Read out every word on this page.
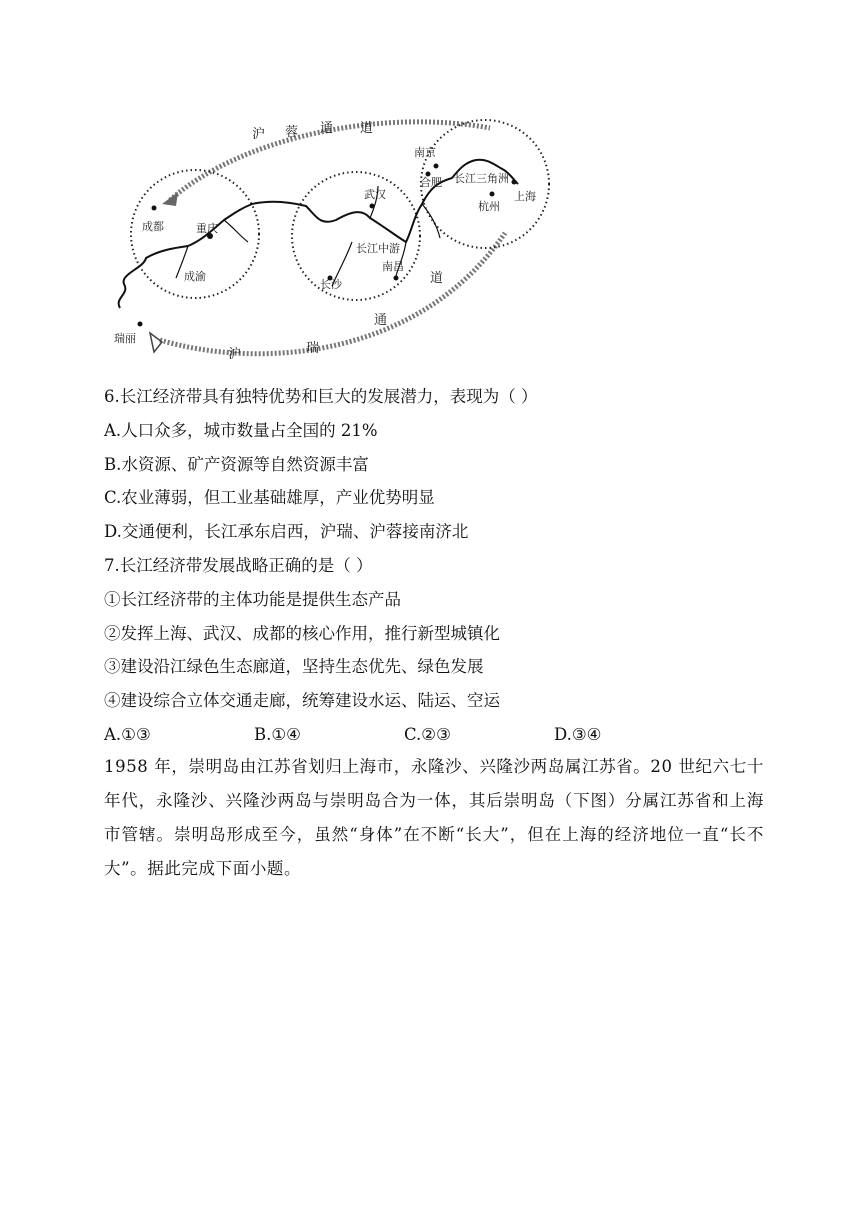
沪 蓉 通 道
沪	瑞
通
道
成都	重庆
成渝
武汉
长江中游
南昌
长沙
南京
合肥 长江三角洲
上海
杭州
瑞丽
6.长江经济带具有独特优势和巨大的发展潜力，表现为（ ）
A.人口众多，城市数量占全国的 21%
B.水资源、矿产资源等自然资源丰富
C.农业薄弱，但工业基础雄厚，产业优势明显
D.交通便利，长江承东启西，沪瑞、沪蓉接南济北
7.长江经济带发展战略正确的是（ ）
①长江经济带的主体功能是提供生态产品
②发挥上海、武汉、成都的核心作用，推行新型城镇化
③建设沿江绿色生态廊道，坚持生态优先、绿色发展
④建设综合立体交通走廊，统筹建设水运、陆运、空运
A.①③	B.①④	C.②③	D.③④
1958 年，崇明岛由江苏省划归上海市，永隆沙、兴隆沙两岛属江苏省。20 世纪六七十年代，永隆沙、兴隆沙两岛与崇明岛合为一体，其后崇明岛（下图）分属江苏省和上海市管辖。崇明岛形成至今，虽然“身体”在不断“长大”，但在上海的经济地位一直“长不大”。据此完成下面小题。
